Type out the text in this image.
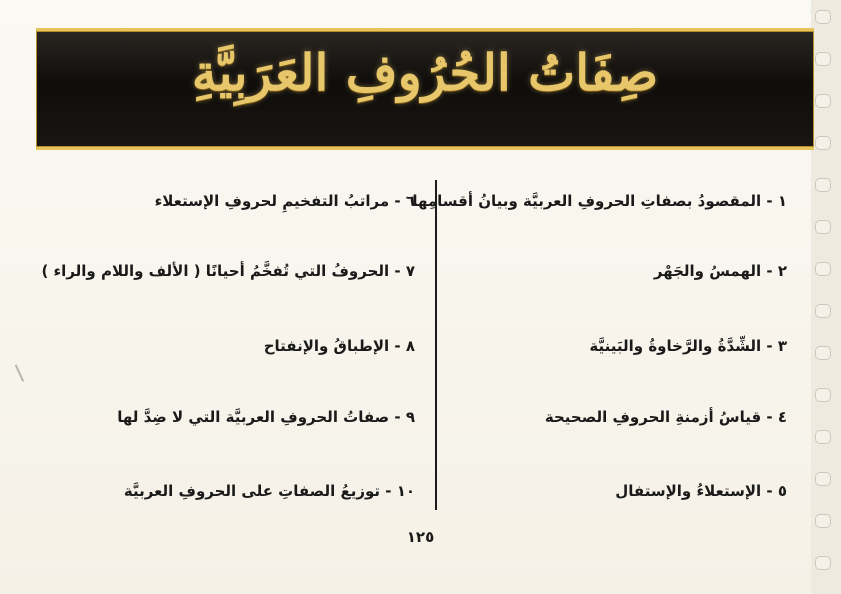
صِفَاتُ الحُرُوفِ العَرَبِيَّةِ
١ - المقصودُ بصفاتِ الحروفِ العربيَّة وبيانُ أقسامِها
٢ - الهمسُ والجَهْر
٣ - الشِّدَّةُ والرَّخاوةُ والبَينيَّة
٤ - قياسُ أزمنةِ الحروفِ الصحيحة
٥ - الإستعلاءُ والإستفال
٦ - مراتبُ التفخيمِ لحروفِ الإستعلاء
٧ - الحروفُ التي تُفخَّمُ أحيانًا ( الألف واللام والراء )
٨ - الإطباقُ والإنفتاح
٩ - صفاتُ الحروفِ العربيَّة التي لا ضِدَّ لها
١٠ - توزيعُ الصفاتِ على الحروفِ العربيَّة
١٢٥
